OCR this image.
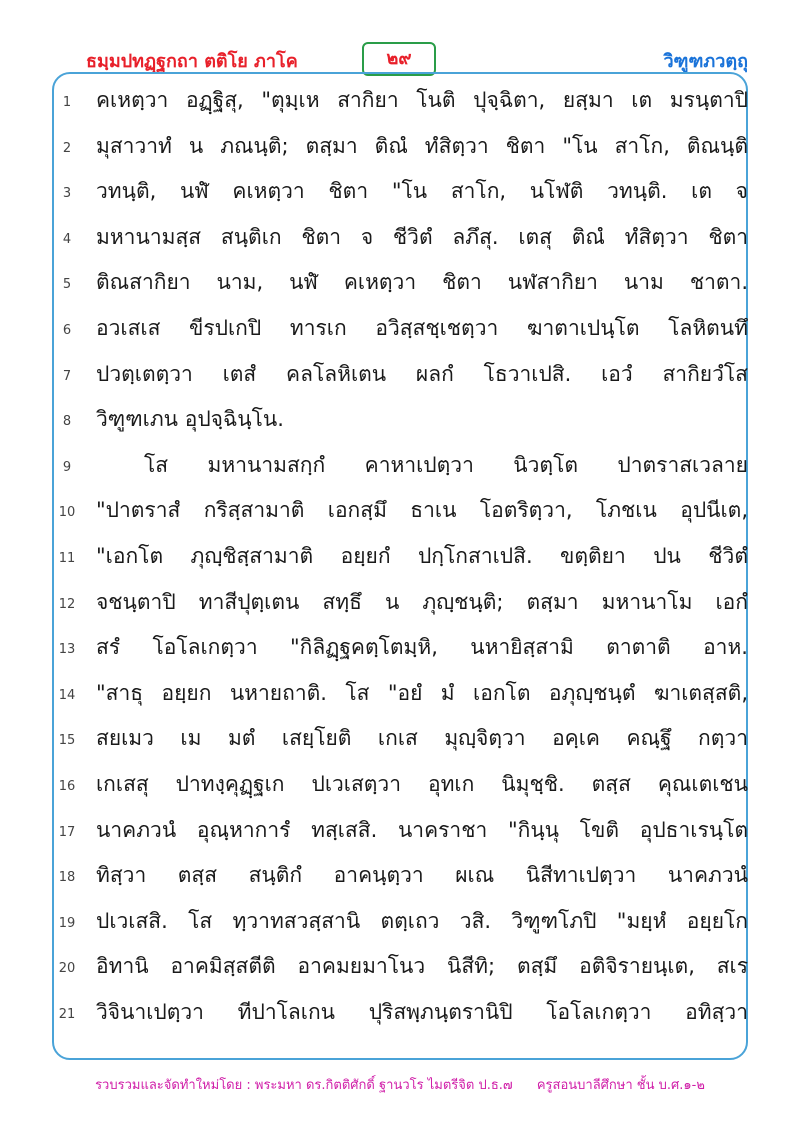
ธมฺมปทฏฺฐกถา ตติโย ภาโค	๒๙	วิฑูฑภวตฺถุ
1	คเหตฺวา อฏฺฐิสุ, "ตุมฺเห สากิยา โนติ ปุจฺฉิตา, ยสฺมา เต มรนฺตาปิ
2	มุสาวาทํ น ภณนฺติ; ตสฺมา ติณํ ทํสิตฺวา ชิตา "โน สาโก, ติณนฺติ
3	วทนฺติ, นฬํ คเหตฺวา ชิตา "โน สาโก, นโฬติ วทนฺติ. เต จ
4	มหานามสฺส สนฺติเก ชิตา จ ชีวิตํ ลภึสุ. เตสุ ติณํ ทํสิตฺวา ชิตา
5	ติณสากิยา นาม, นฬํ คเหตฺวา ชิตา นฬสากิยา นาม ชาตา.
6	อวเสเส ขีรปเกปิ ทารเก อวิสฺสชฺเชตฺวา ฆาตาเปนฺโต โลหิตนทึ
7	ปวตฺเตตฺวา เตสํ คลโลหิเตน ผลกํ โธวาเปสิ. เอวํ สากิยวํโส
8	วิฑูฑเภน อุปจฺฉินฺโน.
9	โส มหานามสกฺกํ คาหาเปตฺวา นิวตฺโต ปาตราสเวลาย
10 "ปาตราสํ กริสฺสามาติ เอกสฺมึ ธาเน โอตริตฺวา, โภชเน อุปนีเต,
11 "เอกโต ภุญฺชิสฺสามาติ อยฺยกํ ปกฺโกสาเปสิ. ขตฺติยา ปน ชีวิตํ
12 จชนฺตาปิ ทาสีปุตฺเตน สทฺธึ น ภุญฺชนฺติ; ตสฺมา มหานาโม เอกํ
13 สรํ โอโลเกตฺวา "กิลิฏฺฐคตฺโตมฺหิ, นหายิสฺสามิ ตาตาติ อาห.
14 "สาธุ อยฺยก นหายถาติ. โส "อยํ มํ เอกโต อภุญฺชนฺตํ ฆาเตสฺสติ,
15 สยเมว เม มตํ เสยฺโยติ เกเส มุญฺจิตฺวา อคฺเค คณฺฐึ กตฺวา
16 เกเสสุ ปาทงฺคุฏฺฐเก ปเวเสตฺวา อุทเก นิมุชฺชิ. ตสฺส คุณเตเชน
17 นาคภวนํ อุณฺหาการํ ทสฺเสสิ. นาคราชา "กินฺนุ โขติ อุปธาเรนฺโต
18 ทิสฺวา ตสฺส สนฺติกํ อาคนฺตฺวา ผเณ นิสีทาเปตฺวา นาคภวนํ
19 ปเวเสสิ. โส ทฺวาทสวสฺสานิ ตตฺเถว วสิ. วิฑูฑโภปิ "มยฺหํ อยฺยโก
20 อิทานิ อาคมิสฺสตีติ อาคมยมาโนว นิสีทิ; ตสฺมึ อติจิรายนฺเต, สเร
21 วิจินาเปตฺวา ทีปาโลเกน ปุริสพฺภนฺตรานิปิ โอโลเกตฺวา อทิสฺวา
รวบรวมและจัดทำใหม่โดย : พระมหา ดร.กิตติศักดิ์ ฐานวโร ไมตรีจิต ป.ธ.๗ ครูสอนบาลีศึกษา ชั้น บ.ศ.๑-๒
